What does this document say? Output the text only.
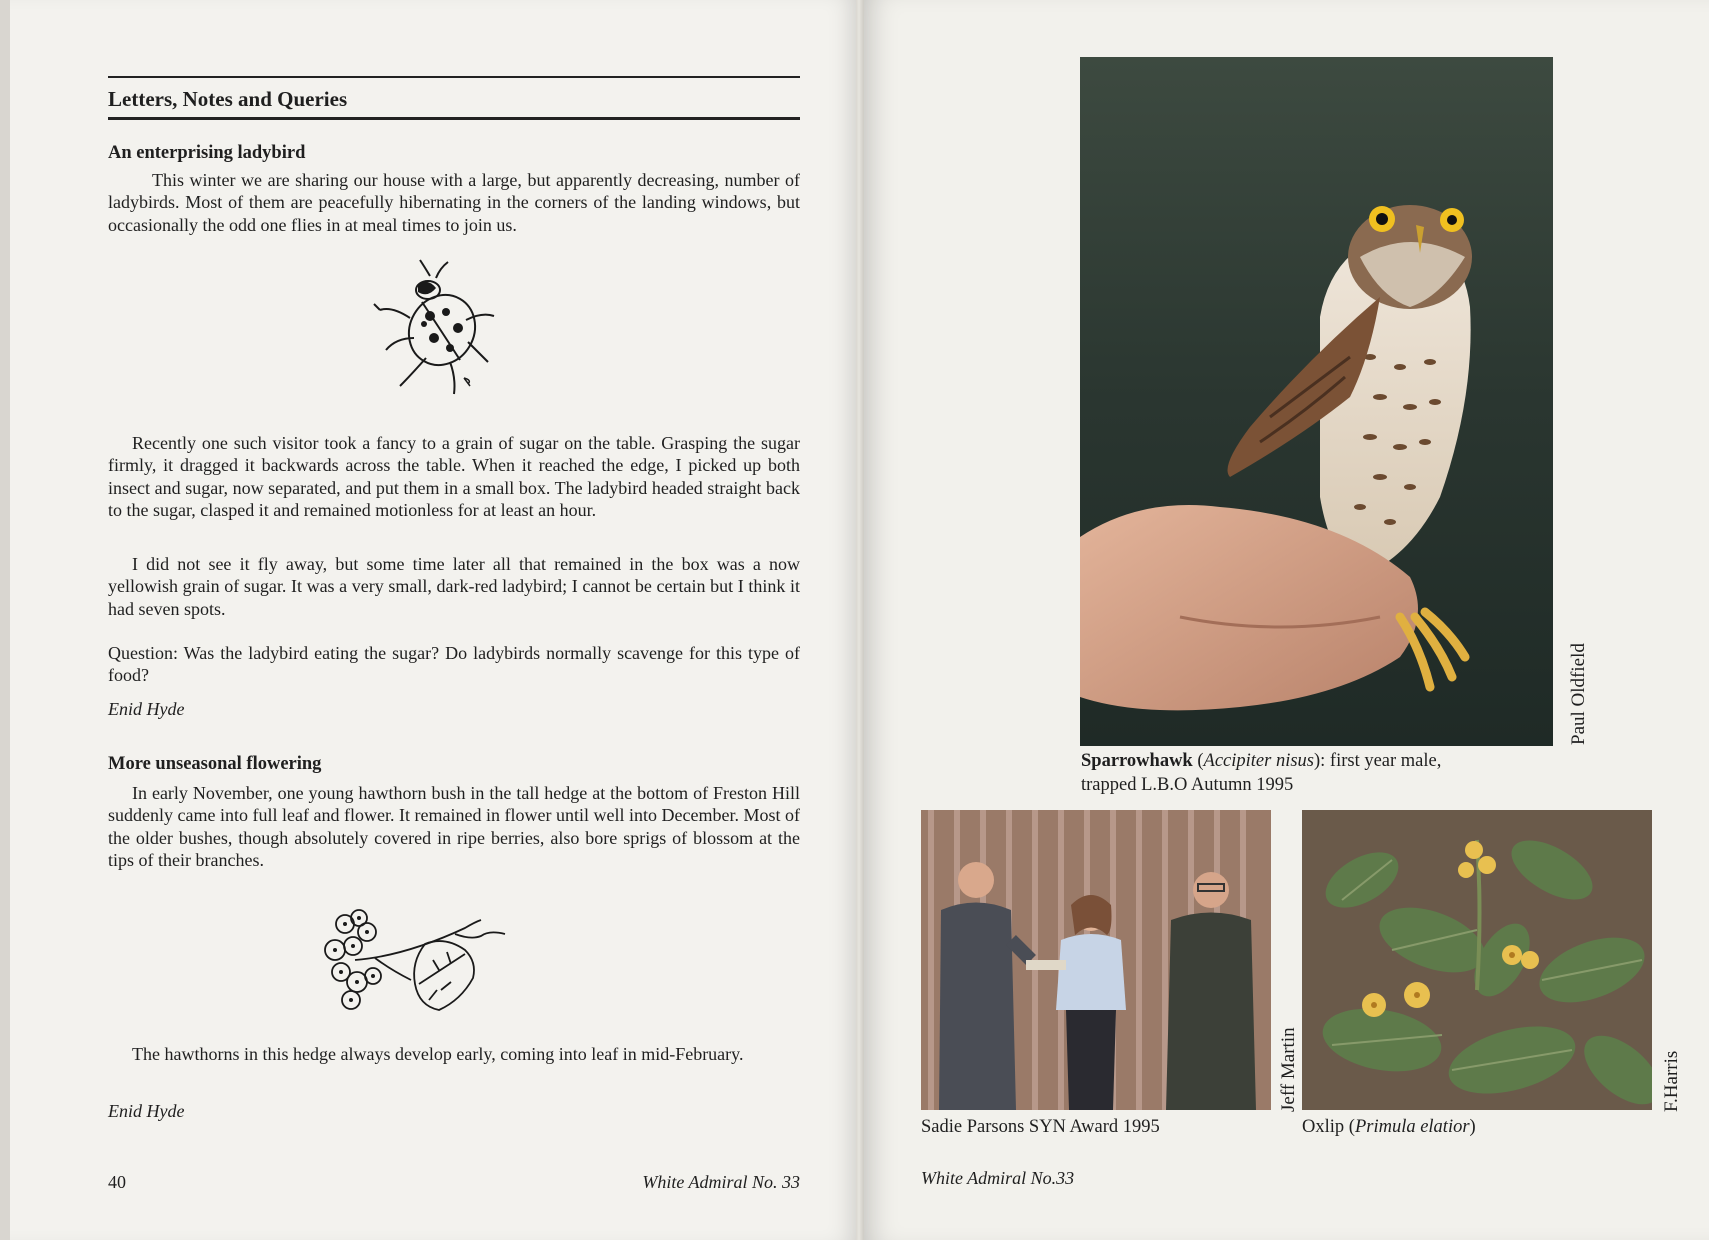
Letters, Notes and Queries

An enterprising ladybird

This winter we are sharing our house with a large, but apparently decreasing, number of ladybirds. Most of them are peacefully hibernating in the corners of the landing windows, but occasionally the odd one flies in at meal times to join us.

Recently one such visitor took a fancy to a grain of sugar on the table. Grasping the sugar firmly, it dragged it backwards across the table. When it reached the edge, I picked up both insect and sugar, now separated, and put them in a small box. The ladybird headed straight back to the sugar, clasped it and remained motionless for at least an hour.

I did not see it fly away, but some time later all that remained in the box was a now yellowish grain of sugar. It was a very small, dark-red ladybird; I cannot be certain but I think it had seven spots.

Question: Was the ladybird eating the sugar? Do ladybirds normally scavenge for this type of food?

Enid Hyde

More unseasonal flowering

In early November, one young hawthorn bush in the tall hedge at the bottom of Freston Hill suddenly came into full leaf and flower. It remained in flower until well into December. Most of the older bushes, though absolutely covered in ripe berries, also bore sprigs of blossom at the tips of their branches.

The hawthorns in this hedge always develop early, coming into leaf in mid-February.

Enid Hyde

40	White Admiral No. 33
Paul Oldfield
Sparrowhawk (Accipiter nisus): first year male,
trapped L.B.O Autumn 1995
Jeff Martin
Sadie Parsons SYN Award 1995
F.Harris
Oxlip (Primula elatior)
White Admiral No.33
